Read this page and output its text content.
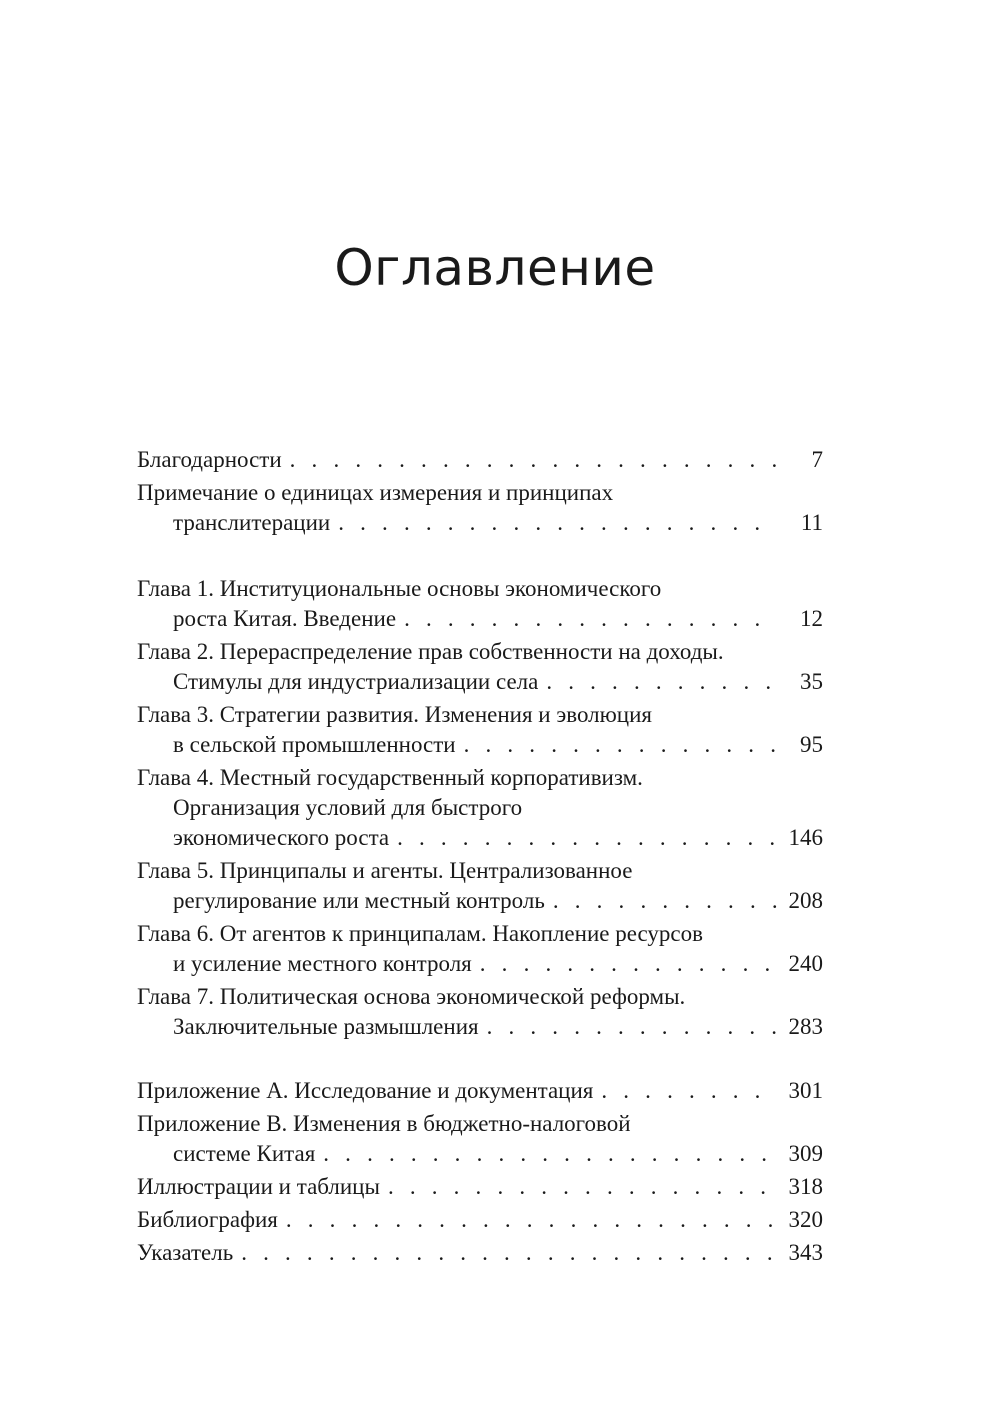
Оглавление
Благодарности . . .	7
Примечание о единицах измерения и принципах
транслитерации . . .	11
Глава 1. Институциональные основы экономического
роста Китая. Введение . . .	12
Глава 2. Перераспределение прав собственности на доходы.
Стимулы для индустриализации села . . .	35
Глава 3. Стратегии развития. Изменения и эволюция
в сельской промышленности . . .	95
Глава 4. Местный государственный корпоративизм.
Организация условий для быстрого
экономического роста . . .	146
Глава 5. Принципалы и агенты. Централизованное
регулирование или местный контроль . . .	208
Глава 6. От агентов к принципалам. Накопление ресурсов
и усиление местного контроля . . .	240
Глава 7. Политическая основа экономической реформы.
Заключительные размышления . . .	283
Приложение А. Исследование и документация . . .	301
Приложение В. Изменения в бюджетно-налоговой
системе Китая . . .	309
Иллюстрации и таблицы . . .	318
Библиография . . .	320
Указатель . . .	343
